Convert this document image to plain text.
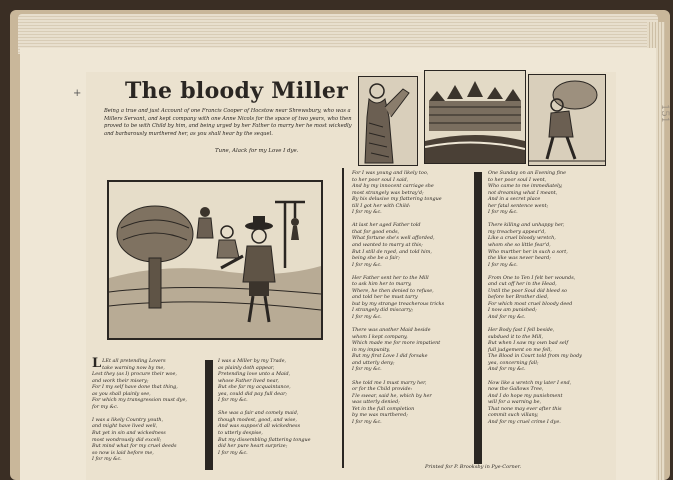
+
151
The bloody Miller
Being a true and just Account of one Francis Cooper of Hocstow near Shrewsbury, who was a Millers Servant, and kept company with one Anne Nicols for the space of two years, who then proved to be with Child by him, and being urged by her Father to marry her he most wickedly and barbarously murthered her, as you shall hear by the sequel.
Tune, Alack for my Love I dye.
L LEt all pretending Lovers
take warning now by me,
Lest they (as I) procure their woe,
and work their misery;
For I my self have done that thing,
as you shall plainly see,
For which my transgression must dye,
for my &c.

I was a likely Country youth,
and might have lived well,
But yet in sin and wickedness
most wondrously did excell;
But mind what for my cruel deeds
so now is laid before me,
I for my &c.
I was a Miller by my Trade,
as plainly doth appear,
Pretending love unto a Maid,
whose Father lived near,
But she far my acquaintance,
yea, could did pay full dear;
I for my &c.

She was a fair and comely maid,
though modest, good, and wise,
And was suppos'd all wickedness
to utterly despise,
But my dissembling flattering tongue
did her pure heart surprize;
I for my &c.
For I was young and likely too,
to her poor soul I said,
And by my innocent carriage she
most strangely was betray'd;
By his delusive my flattering tongue
till I got her with Child:
I for my &c.

At last her aged Father told
that for good ends,
What fortune she's well afforded,
and wanted to marry at this;
But I still de nyed, and told him,
being she be a fair;
I for my &c.

Her Father sent her to the Mill
to ask him her to marry,
Where, he then denied to refuse,
and told her he must tarry
but by my strange treacherous tricks
I strangely did miscarry;
I for my &c.

There was another Maid beside
whom I kept company,
Which made me for more impatient
in my impunity,
But my first Love I did forsake
and utterly deny;
I for my &c.

She told me I must marry her,
or for the Child provide:
I'le swear, said he, which by her
was utterly denied;
Yet in the full completion
by me was murthered;
I for my &c.
One Sunday on an Evening fine
to her poor soul I went,
Who came to me immediately,
not dreaming what I meant,
And in a secret place
her fatal sentence went;
I for my &c.

There killing and unhappy her,
my treachery appear'd,
Like a cruel bloody wretch,
whom she so little fear'd,
Who murther her in such a sort,
the like was never heard;
I for my &c.

From One to Ten I felt her wounds,
and cut off her in the Head,
Until the poor Soul did bleed so
before her Brother died,
For which most cruel bloody deed
I now am punished;
And for my &c.

Her Body fast I fell beside,
subdued it to the Mill,
But when I saw my own bad self
full judgement on me fell,
The Blood in Court told from my body
yea, concerning fall;
And for my &c.

Now like a wretch my later I end,
now the Gallows Tree,
And I do hope my punishment
will for a warning be,
That none may ever after this
commit such villany,
And for my cruel crime I dye.
Printed for P. Brooksby in Pye-Corner.
